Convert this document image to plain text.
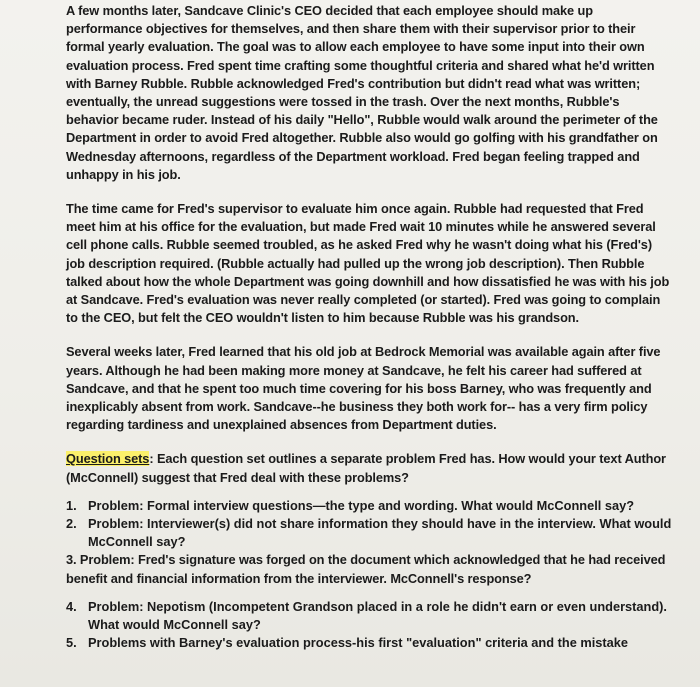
A few months later, Sandcave Clinic's CEO decided that each employee should make up performance objectives for themselves, and then share them with their supervisor prior to their formal yearly evaluation. The goal was to allow each employee to have some input into their own evaluation process. Fred spent time crafting some thoughtful criteria and shared what he'd written with Barney Rubble. Rubble acknowledged Fred's contribution but didn't read what was written; eventually, the unread suggestions were tossed in the trash. Over the next months, Rubble's behavior became ruder. Instead of his daily "Hello", Rubble would walk around the perimeter of the Department in order to avoid Fred altogether. Rubble also would go golfing with his grandfather on Wednesday afternoons, regardless of the Department workload. Fred began feeling trapped and unhappy in his job.

The time came for Fred's supervisor to evaluate him once again. Rubble had requested that Fred meet him at his office for the evaluation, but made Fred wait 10 minutes while he answered several cell phone calls. Rubble seemed troubled, as he asked Fred why he wasn't doing what his (Fred's) job description required. (Rubble actually had pulled up the wrong job description). Then Rubble talked about how the whole Department was going downhill and how dissatisfied he was with his job at Sandcave. Fred's evaluation was never really completed (or started). Fred was going to complain to the CEO, but felt the CEO wouldn't listen to him because Rubble was his grandson.

Several weeks later, Fred learned that his old job at Bedrock Memorial was available again after five years. Although he had been making more money at Sandcave, he felt his career had suffered at Sandcave, and that he spent too much time covering for his boss Barney, who was frequently and inexplicably absent from work. Sandcave--he business they both work for-- has a very firm policy regarding tardiness and unexplained absences from Department duties.

Question sets: Each question set outlines a separate problem Fred has. How would your text Author (McConnell) suggest that Fred deal with these problems?

1. Problem: Formal interview questions—the type and wording. What would McConnell say?
2. Problem: Interviewer(s) did not share information they should have in the interview. What would McConnell say?

3. Problem: Fred's signature was forged on the document which acknowledged that he had received benefit and financial information from the interviewer. McConnell's response?

4. Problem: Nepotism (Incompetent Grandson placed in a role he didn't earn or even understand). What would McConnell say?
5. Problems with Barney's evaluation process-his first "evaluation" criteria and the mistake
